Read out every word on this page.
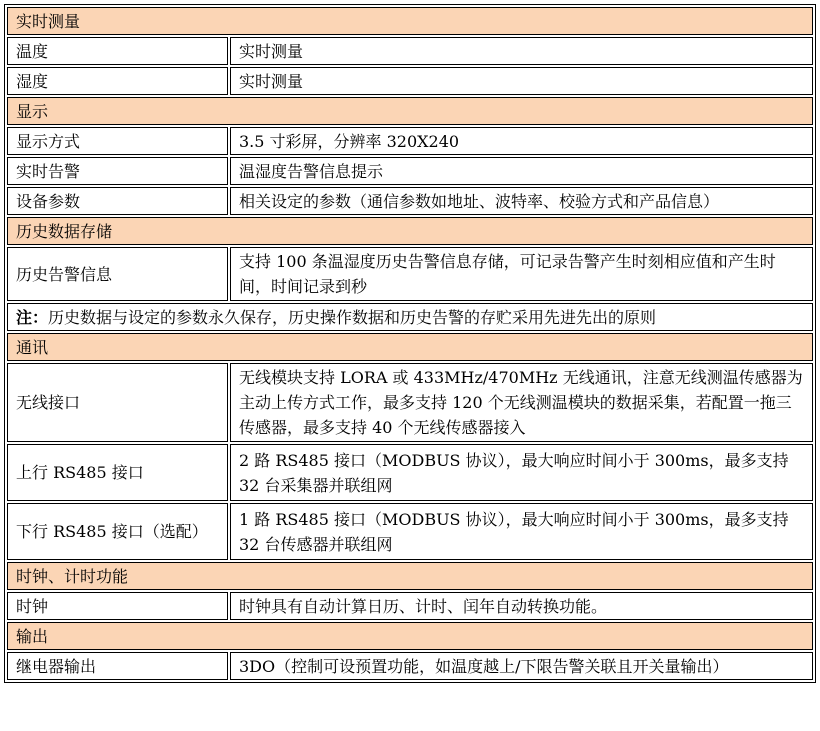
实时测量	
温度	实时测量
湿度	实时测量
显示	
显示方式	3.5 寸彩屏，分辨率 320X240
实时告警	温湿度告警信息提示
设备参数	相关设定的参数（通信参数如地址、波特率、校验方式和产品信息）
历史数据存储	
历史告警信息	支持 100 条温湿度历史告警信息存储，可记录告警产生时刻相应值和产生时间，时间记录到秒
注：历史数据与设定的参数永久保存，历史操作数据和历史告警的存贮采用先进先出的原则	
通讯	
无线接口	无线模块支持 LORA 或 433MHz/470MHz 无线通讯，注意无线测温传感器为主动上传方式工作，最多支持 120 个无线测温模块的数据采集，若配置一拖三传感器，最多支持 40 个无线传感器接入
上行 RS485 接口	2 路 RS485 接口（MODBUS 协议），最大响应时间小于 300ms，最多支持 32 台采集器并联组网
下行 RS485 接口（选配）	1 路 RS485 接口（MODBUS 协议），最大响应时间小于 300ms，最多支持 32 台传感器并联组网
时钟、计时功能	
时钟	时钟具有自动计算日历、计时、闰年自动转换功能。
输出	
继电器输出	3DO（控制可设预置功能，如温度越上/下限告警关联且开关量输出）
